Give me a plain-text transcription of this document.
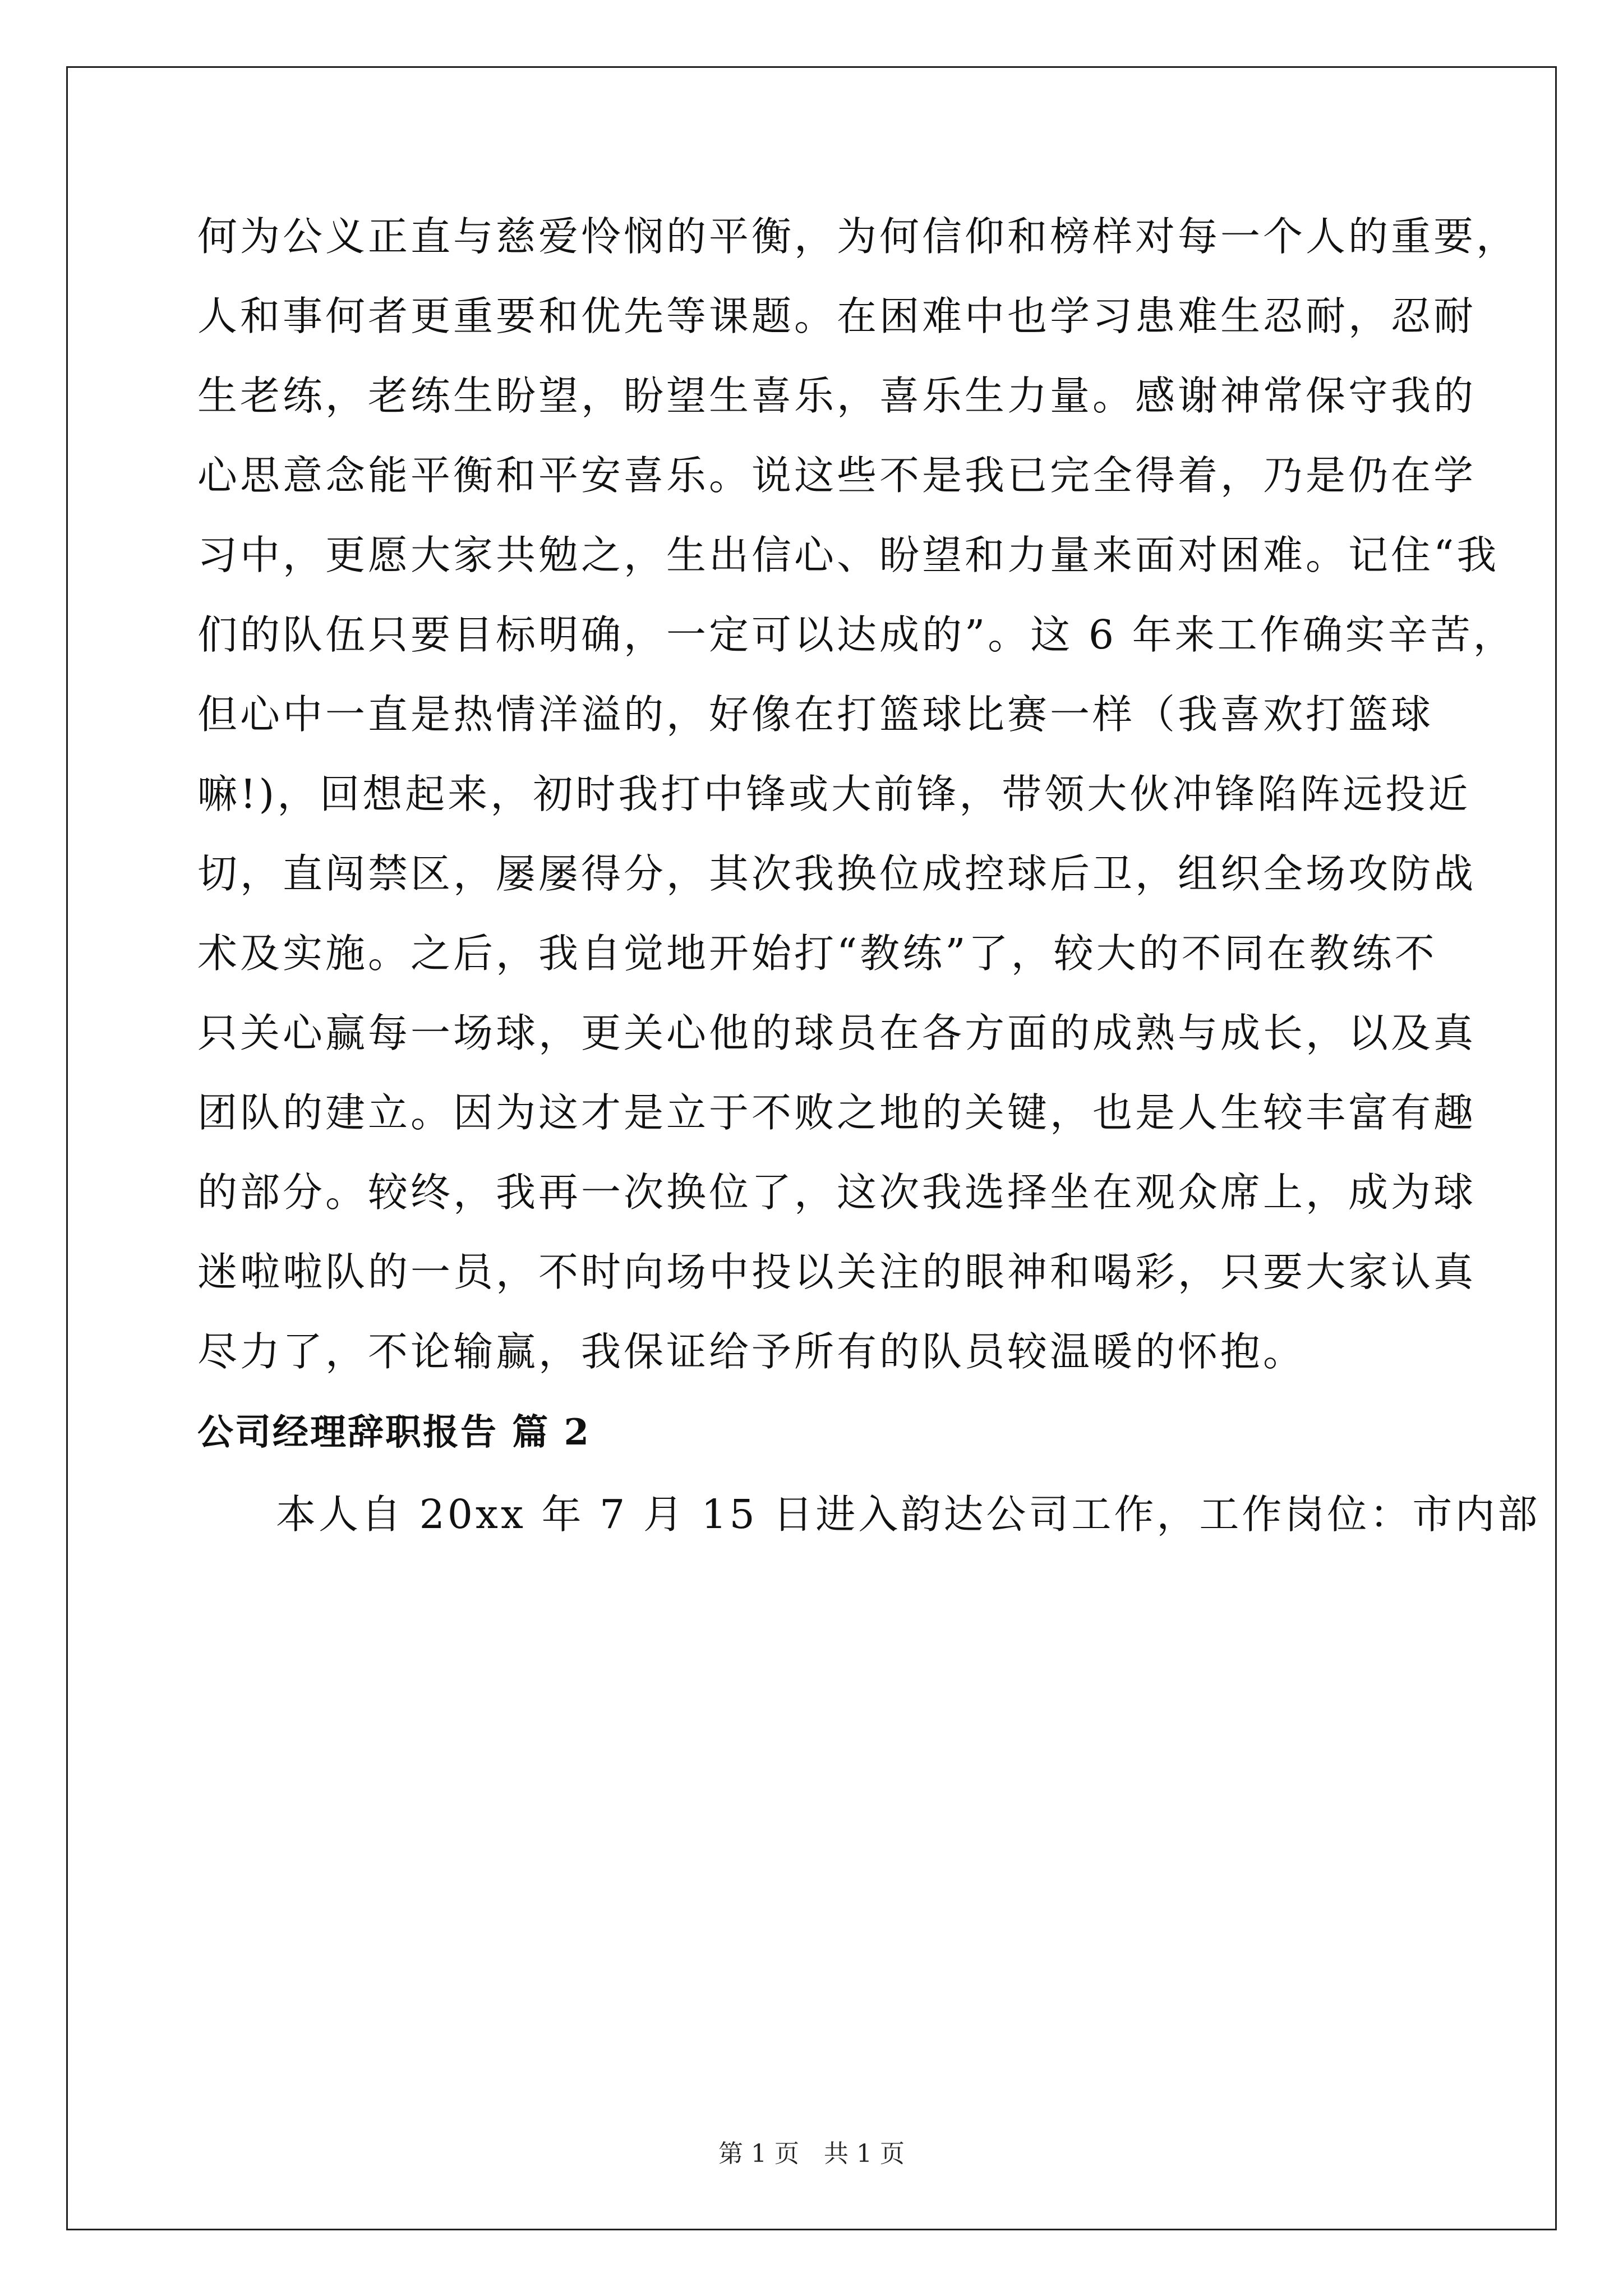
何为公义正直与慈爱怜悯的平衡，为何信仰和榜样对每一个人的重要，

人和事何者更重要和优先等课题。在困难中也学习患难生忍耐，忍耐

生老练，老练生盼望，盼望生喜乐，喜乐生力量。感谢神常保守我的

心思意念能平衡和平安喜乐。说这些不是我已完全得着，乃是仍在学

习中，更愿大家共勉之，生出信心、盼望和力量来面对困难。记住“我

们的队伍只要目标明确，一定可以达成的”。这 6 年来工作确实辛苦，

但心中一直是热情洋溢的，好像在打篮球比赛一样（我喜欢打篮球

嘛!)，回想起来，初时我打中锋或大前锋，带领大伙冲锋陷阵远投近

切，直闯禁区，屡屡得分，其次我换位成控球后卫，组织全场攻防战

术及实施。之后，我自觉地开始打“教练”了，较大的不同在教练不

只关心赢每一场球，更关心他的球员在各方面的成熟与成长，以及真

团队的建立。因为这才是立于不败之地的关键，也是人生较丰富有趣

的部分。较终，我再一次换位了，这次我选择坐在观众席上，成为球

迷啦啦队的一员，不时向场中投以关注的眼神和喝彩，只要大家认真

尽力了，不论输赢，我保证给予所有的队员较温暖的怀抱。

公司经理辞职报告 篇 2

本人自 20xx 年 7 月 15 日进入韵达公司工作，工作岗位：市内部

第 1 页　共 1 页
